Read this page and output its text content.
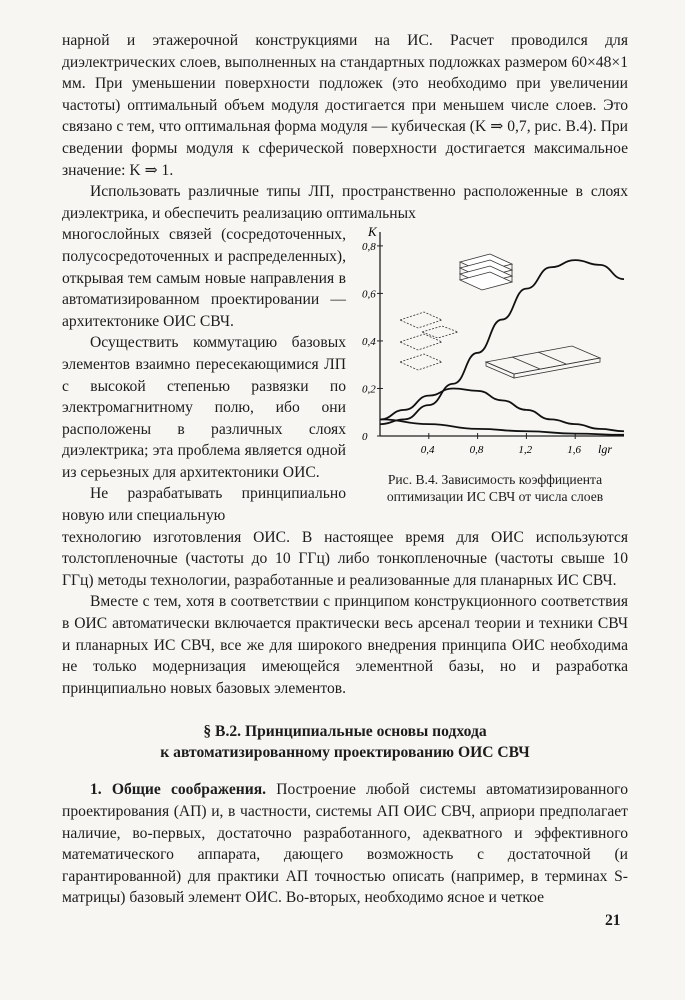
нарной и этажерочной конструкциями на ИС. Расчет проводился для диэлектрических слоев, выполненных на стандартных подложках размером 60×48×1 мм. При уменьшении поверхности подложек (это необходимо при увеличении частоты) оптимальный объем модуля достигается при меньшем числе слоев. Это связано с тем, что оптимальная форма модуля — кубическая (K ⇒ 0,7, рис. В.4). При сведении формы модуля к сферической поверхности достигается максимальное значение: K ⇒ 1.

Использовать различные типы ЛП, пространственно расположенные в слоях диэлектрика, и обеспечить реализацию оптимальных

K
lgr
0,8
0,6
0,4
0,2
0
0,4	0,8	1,2	1,6
Рис. В.4. Зависимость коэффициента
оптимизации ИС СВЧ от числа слоев

многослойных связей (сосредоточенных, полусосредоточенных и распределенных), открывая тем самым новые направления в автоматизированном проектировании — архитектонике ОИС СВЧ.

Осуществить коммутацию базовых элементов взаимно пересекающимися ЛП с высокой степенью развязки по электромагнитному полю, ибо они расположены в различных слоях диэлектрика; эта проблема является одной из серьезных для архитектоники ОИС.

Не разрабатывать принципиально новую или специальную

технологию изготовления ОИС. В настоящее время для ОИС используются толстопленочные (частоты до 10 ГГц) либо тонкопленочные (частоты свыше 10 ГГц) методы технологии, разработанные и реализованные для планарных ИС СВЧ.

Вместе с тем, хотя в соответствии с принципом конструкционного соответствия в ОИС автоматически включается практически весь арсенал теории и техники СВЧ и планарных ИС СВЧ, все же для широкого внедрения принципа ОИС необходима не только модернизация имеющейся элементной базы, но и разработка принципиально новых базовых элементов.

§ В.2. Принципиальные основы подхода
к автоматизированному проектированию ОИС СВЧ

1. Общие соображения. Построение любой системы автоматизированного проектирования (АП) и, в частности, системы АП ОИС СВЧ, априори предполагает наличие, во-первых, достаточно разработанного, адекватного и эффективного математического аппарата, дающего возможность с достаточной (и гарантированной) для практики АП точностью описать (например, в терминах S-матрицы) базовый элемент ОИС. Во-вторых, необходимо ясное и четкое

21
